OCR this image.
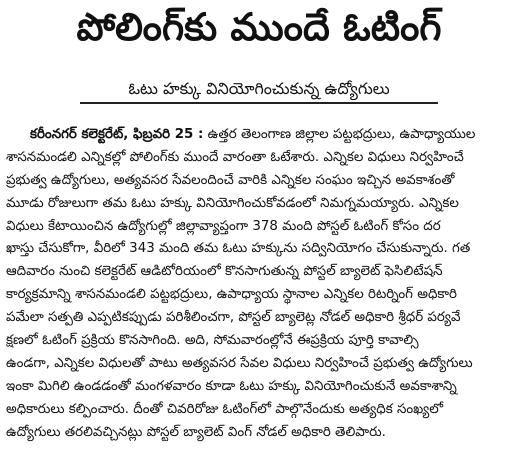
పోలింగ్‌కు ముందే ఓటింగ్
ఓటు హక్కు వినియోగించుకున్న ఉద్యోగులు
కరీంనగర్ కలెక్టరేట్, ఫిబ్రవరి 25 : ఉత్తర తెలంగాణ జిల్లాల పట్టభద్రులు, ఉపాధ్యాయుల
శాసనమండలి ఎన్నికల్లో పోలింగ్‌కు ముందే వారంతా ఓటేశారు. ఎన్నికల విధులు నిర్వహించే
ప్రభుత్వ ఉద్యోగులు, అత్యవసర సేవలందించే వారికి ఎన్నికల సంఘం ఇచ్చిన అవకాశంతో
మూడు రోజులుగా తమ ఓటు హక్కు వినియోగించుకోవడంలో నిమగ్నమయ్యారు. ఎన్నికల
విధులు కేటాయించిన ఉద్యోగుల్లో జిల్లావ్యాప్తంగా 378 మంది పోస్టల్ ఓటింగ్ కోసం దర
ఖాస్తు చేసుకోగా, వీరిలో 343 మంది తమ ఓటు హక్కును సద్వినియోగం చేసుకున్నారు. గత
ఆదివారం నుంచి కలెక్టరేట్ ఆడిటోరియంలో కొనసాగుతున్న పోస్టల్ బ్యాలెట్ ఫెసిలిటేషన్
కార్యక్రమాన్ని శాసనమండలి పట్టభద్రులు, ఉపాధ్యాయ స్థానాల ఎన్నికల రిటర్నింగ్ అధికారి
పమేలా సత్పతి ఎప్పటికప్పుడు పరిశీలించగా, పోస్టల్ బ్యాలెట్ల నోడల్ అధికారి శ్రీధర్ పర్యవే
క్షణలో ఓటింగ్ ప్రక్రియ కొనసాగింది. అది, సోమవారంల్లోనే ఈప్రక్రియ పూర్తి కావాల్సి
ఉండగా, ఎన్నికల విధులతో పాటు అత్యవసర సేవల విధులు నిర్వహించే ప్రభుత్వ ఉద్యోగులు
ఇంకా మిగిలి ఉండడంతో మంగళవారం కూడా ఓటు హక్కు వినియోగించుకునే అవకాశాన్ని
అధికారులు కల్పించారు. దీంతో చివరిరోజు ఓటింగ్‌లో పాల్గొనేందుకు అత్యధిక సంఖ్యలో
ఉద్యోగులు తరలివచ్చినట్లు పోస్టల్ బ్యాలెట్ వింగ్ నోడల్ అధికారి తెలిపారు.
